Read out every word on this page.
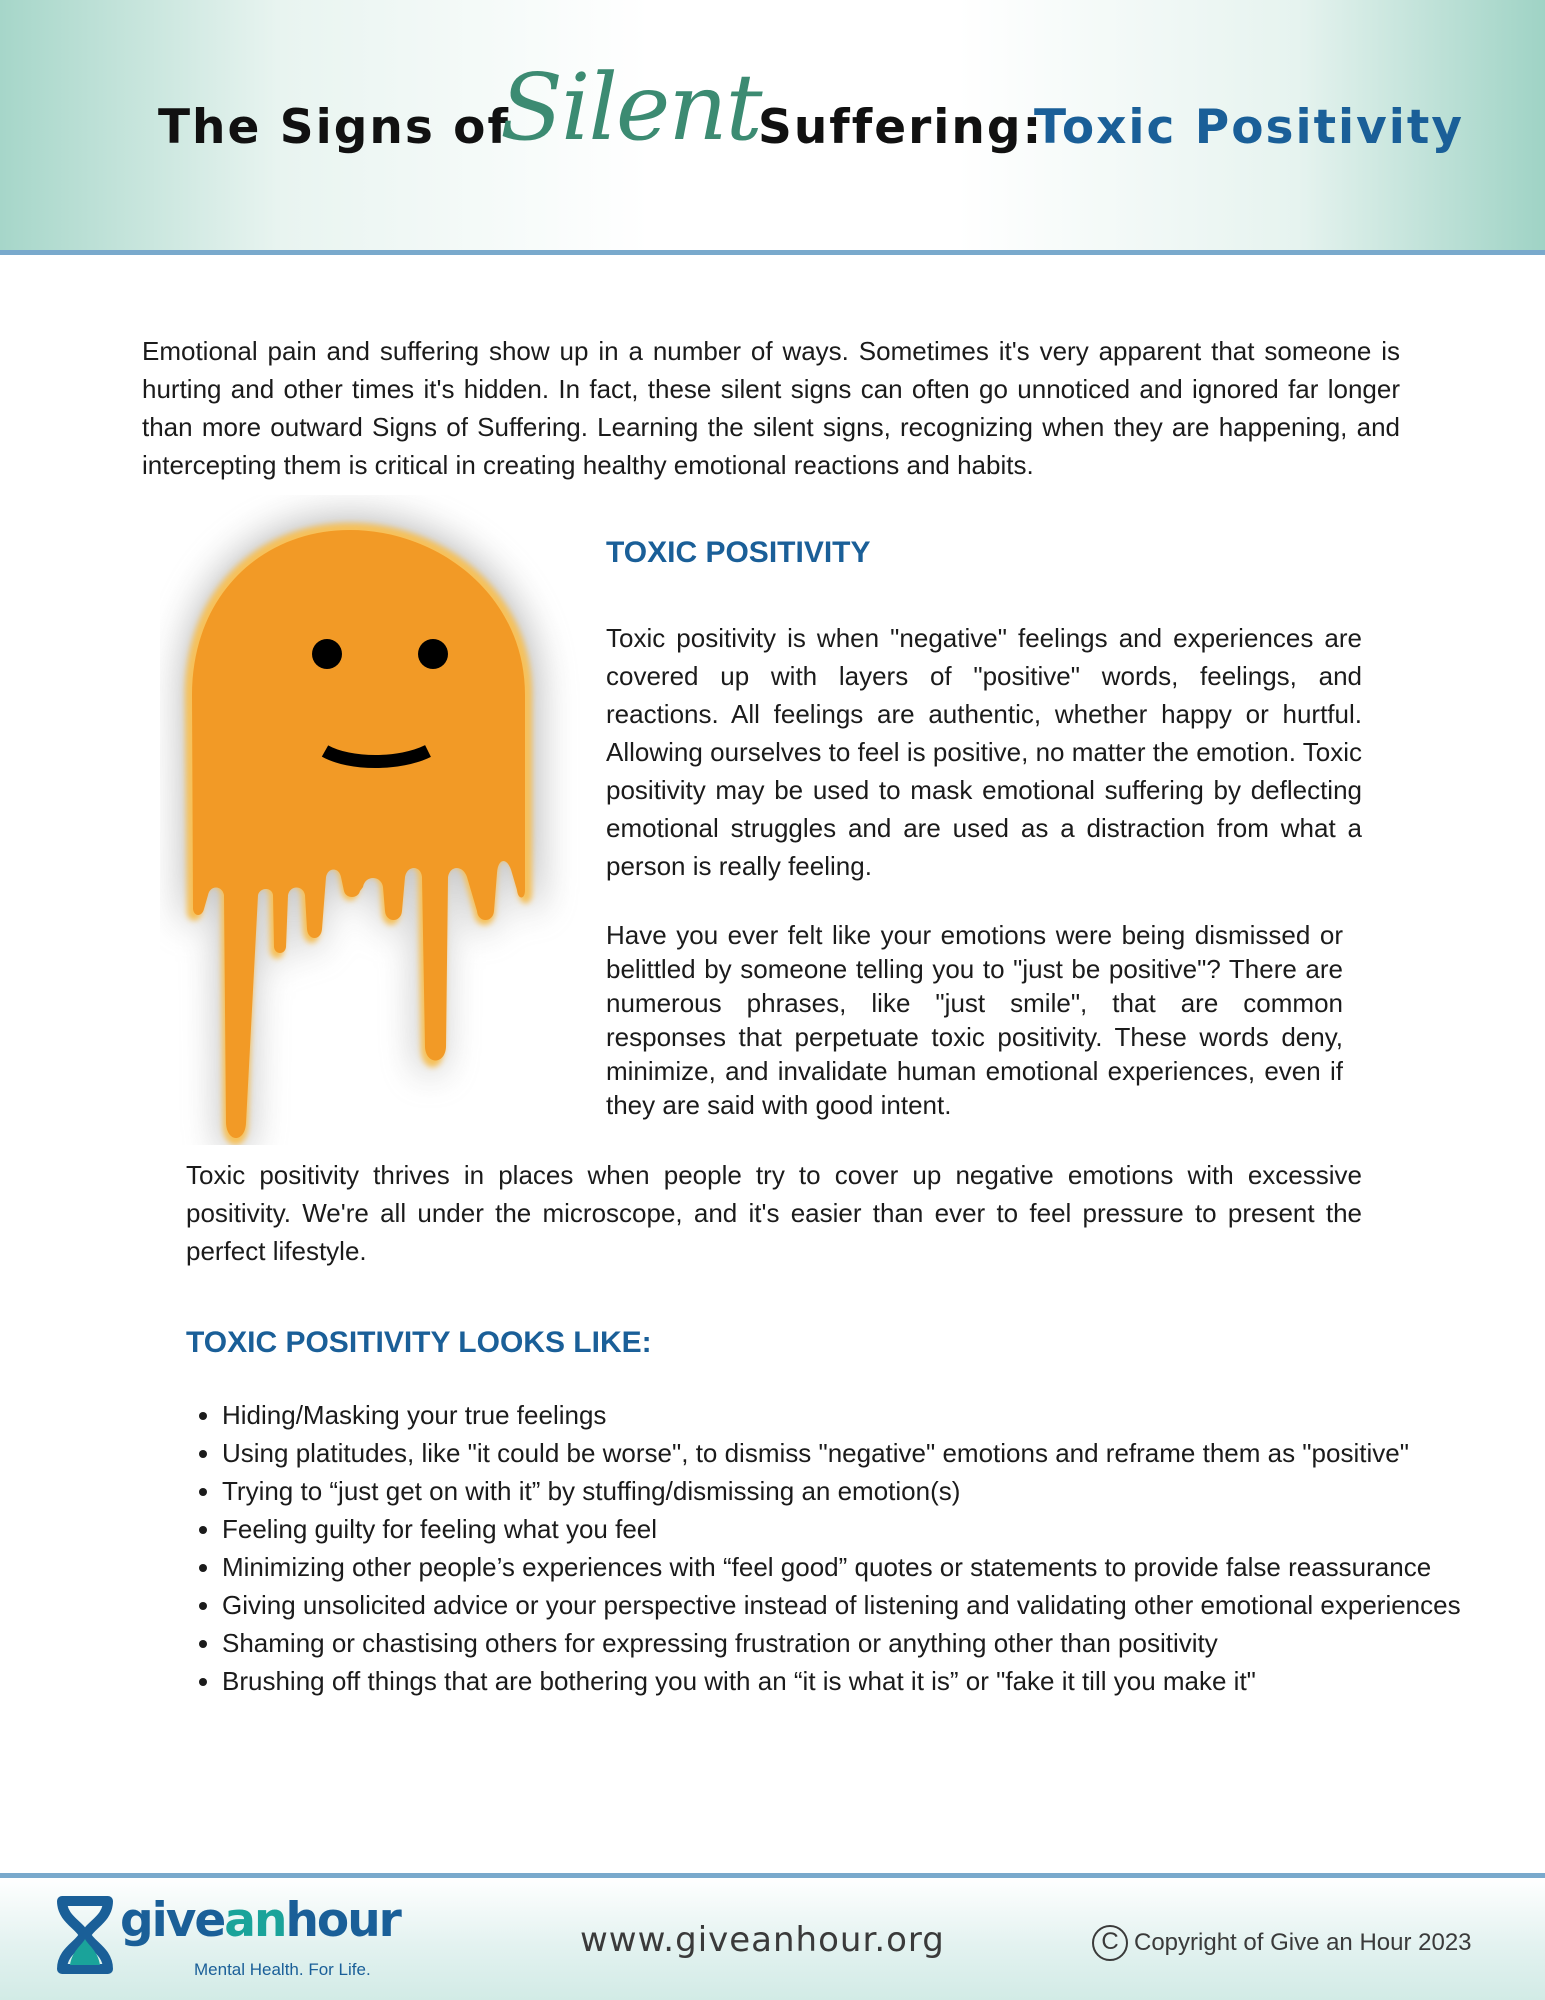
The Signs of
Silent
Suffering:
Toxic Positivity

Emotional pain and suffering show up in a number of ways. Sometimes it's very apparent that someone is hurting and other times it's hidden. In fact, these silent signs can often go unnoticed and ignored far longer than more outward Signs of Suffering. Learning the silent signs, recognizing when they are happening, and intercepting them is critical in creating healthy emotional reactions and habits.

TOXIC POSITIVITY

Toxic positivity is when "negative" feelings and experiences are covered up with layers of "positive" words, feelings, and reactions. All feelings are authentic, whether happy or hurtful. Allowing ourselves to feel is positive, no matter the emotion. Toxic positivity may be used to mask emotional suffering by deflecting emotional struggles and are used as a distraction from what a person is really feeling.

Have you ever felt like your emotions were being dismissed or belittled by someone telling you to "just be positive"? There are numerous phrases, like "just smile", that are common responses that perpetuate toxic positivity. These words deny, minimize, and invalidate human emotional experiences, even if they are said with good intent.

Toxic positivity thrives in places when people try to cover up negative emotions with excessive positivity. We're all under the microscope, and it's easier than ever to feel pressure to present the perfect lifestyle.

TOXIC POSITIVITY LOOKS LIKE:
• Hiding/Masking your true feelings
• Using platitudes, like "it could be worse", to dismiss "negative" emotions and reframe them as "positive"
• Trying to “just get on with it” by stuffing/dismissing an emotion(s)
• Feeling guilty for feeling what you feel
• Minimizing other people’s experiences with “feel good” quotes or statements to provide false reassurance
• Giving unsolicited advice or your perspective instead of listening and validating other emotional experiences
• Shaming or chastising others for expressing frustration or anything other than positivity
• Brushing off things that are bothering you with an “it is what it is” or "fake it till you make it"
giveanhour
Mental Health. For Life.
www.giveanhour.org	C Copyright of Give an Hour 2023
